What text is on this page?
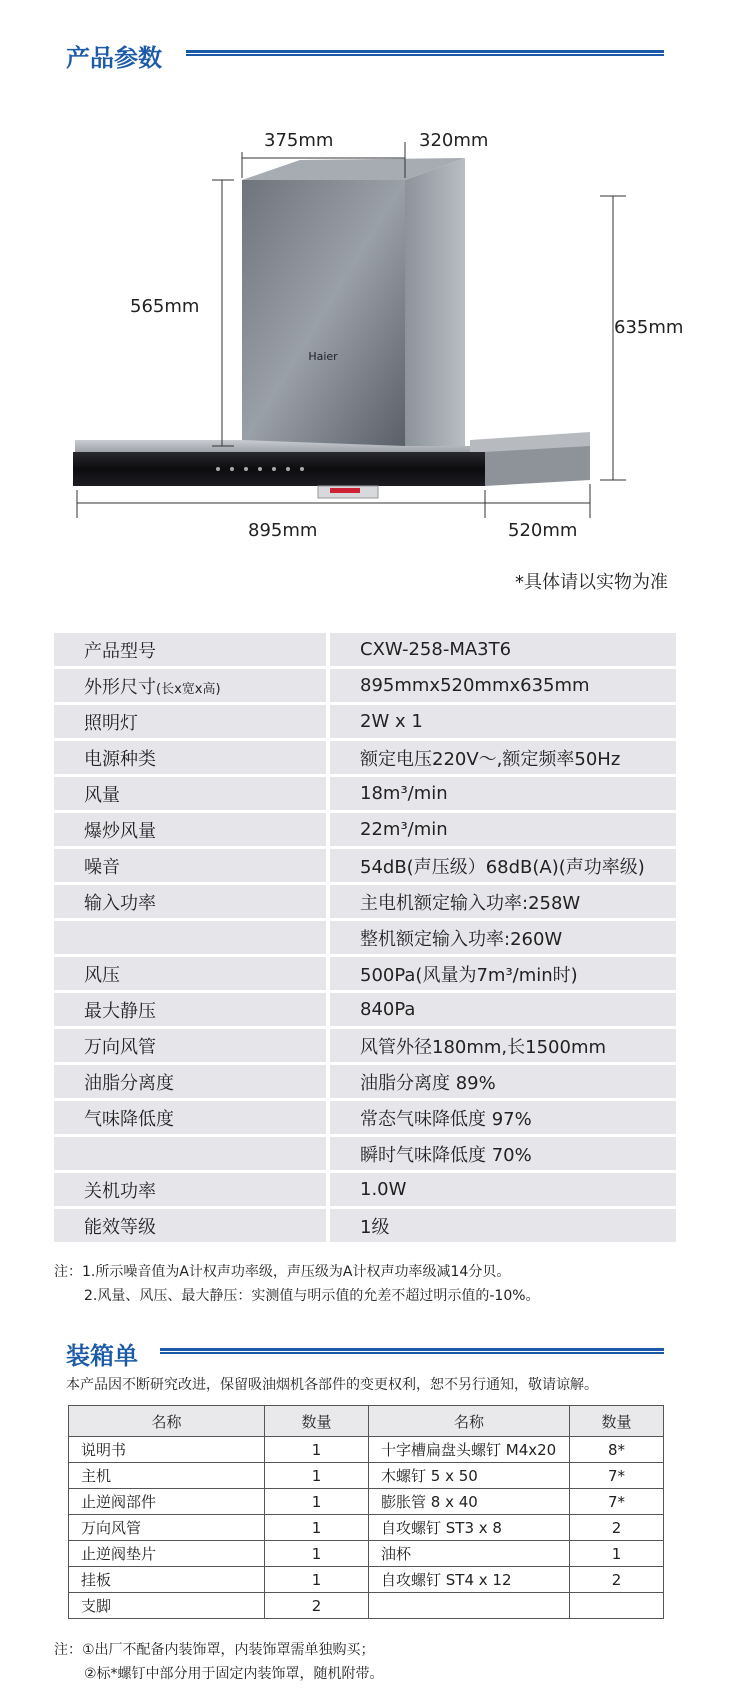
产品参数
Haier
375mm	320mm
565mm
635mm
895mm	520mm
*具体请以实物为准
产品型号		CXW-258-MA3T6
外形尺寸(长x宽x高)		895mmx520mmx635mm
照明灯		2W x 1
电源种类		额定电压220V～,额定频率50Hz
风量		18m³/min
爆炒风量		22m³/min
噪音		54dB(声压级）68dB(A)(声功率级)
输入功率		主电机额定输入功率:258W
		整机额定输入功率:260W
风压		500Pa(风量为7m³/min时)
最大静压		840Pa
万向风管		风管外径180mm,长1500mm
油脂分离度		油脂分离度 89%
气味降低度		常态气味降低度 97%
		瞬时气味降低度 70%
关机功率		1.0W
能效等级		1级
注：1.所示噪音值为A计权声功率级，声压级为A计权声功率级减14分贝。
2.风量、风压、最大静压：实测值与明示值的允差不超过明示值的-10%。
装箱单
本产品因不断研究改进，保留吸油烟机各部件的变更权利，恕不另行通知，敬请谅解。
名称	数量	名称	数量
说明书	1	十字槽扁盘头螺钉 M4x20	8*
主机	1	木螺钉 5 x 50	7*
止逆阀部件	1	膨胀管 8 x 40	7*
万向风管	1	自攻螺钉 ST3 x 8	2
止逆阀垫片	1	油杯	1
挂板	1	自攻螺钉 ST4 x 12	2
支脚	2		
注：①出厂不配备内装饰罩，内装饰罩需单独购买；
②标*螺钉中部分用于固定内装饰罩，随机附带。
